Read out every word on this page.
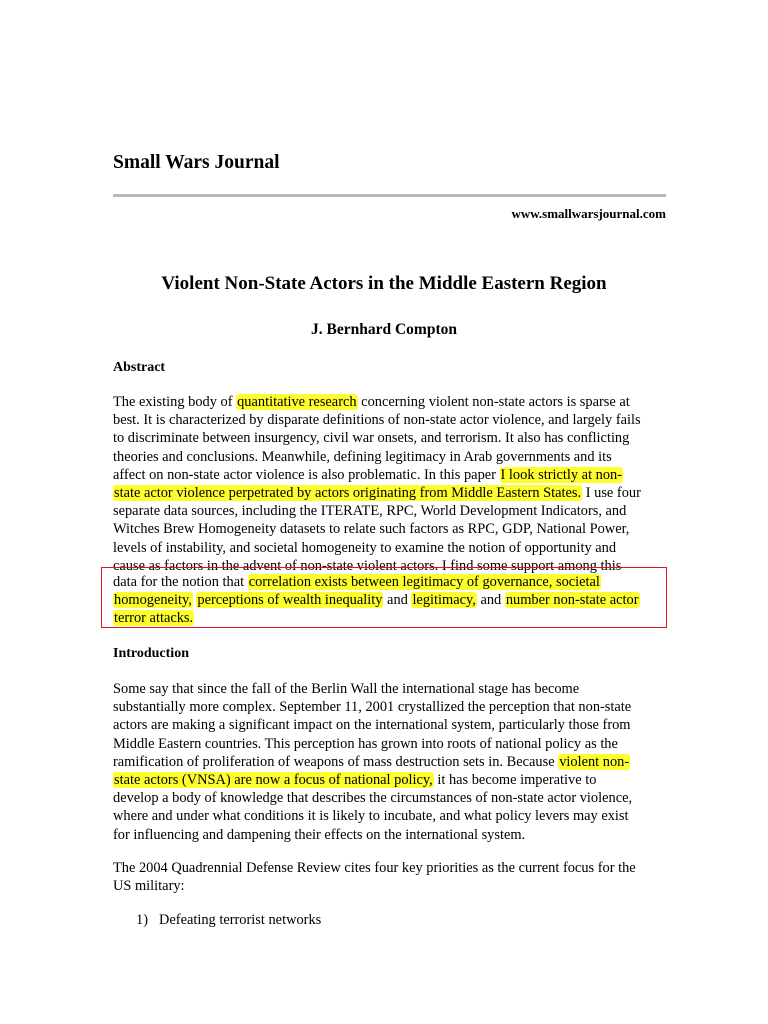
Small Wars Journal
www.smallwarsjournal.com
Violent Non-State Actors in the Middle Eastern Region
J. Bernhard Compton
Abstract
The existing body of quantitative research concerning violent non-state actors is sparse at
best. It is characterized by disparate definitions of non-state actor violence, and largely fails
to discriminate between insurgency, civil war onsets, and terrorism. It also has conflicting
theories and conclusions. Meanwhile, defining legitimacy in Arab governments and its
affect on non-state actor violence is also problematic. In this paper I look strictly at non-
state actor violence perpetrated by actors originating from Middle Eastern States. I use four
separate data sources, including the ITERATE, RPC, World Development Indicators, and
Witches Brew Homogeneity datasets to relate such factors as RPC, GDP, National Power,
levels of instability, and societal homogeneity to examine the notion of opportunity and
cause as factors in the advent of non-state violent actors. I find some support among this
data for the notion that correlation exists between legitimacy of governance, societal
homogeneity, perceptions of wealth inequality and legitimacy, and number non-state actor
terror attacks.
Introduction
Some say that since the fall of the Berlin Wall the international stage has become
substantially more complex. September 11, 2001 crystallized the perception that non-state
actors are making a significant impact on the international system, particularly those from
Middle Eastern countries. This perception has grown into roots of national policy as the
ramification of proliferation of weapons of mass destruction sets in. Because violent non-
state actors (VNSA) are now a focus of national policy, it has become imperative to
develop a body of knowledge that describes the circumstances of non-state actor violence,
where and under what conditions it is likely to incubate, and what policy levers may exist
for influencing and dampening their effects on the international system.
The 2004 Quadrennial Defense Review cites four key priorities as the current focus for the
US military:
1) Defeating terrorist networks
